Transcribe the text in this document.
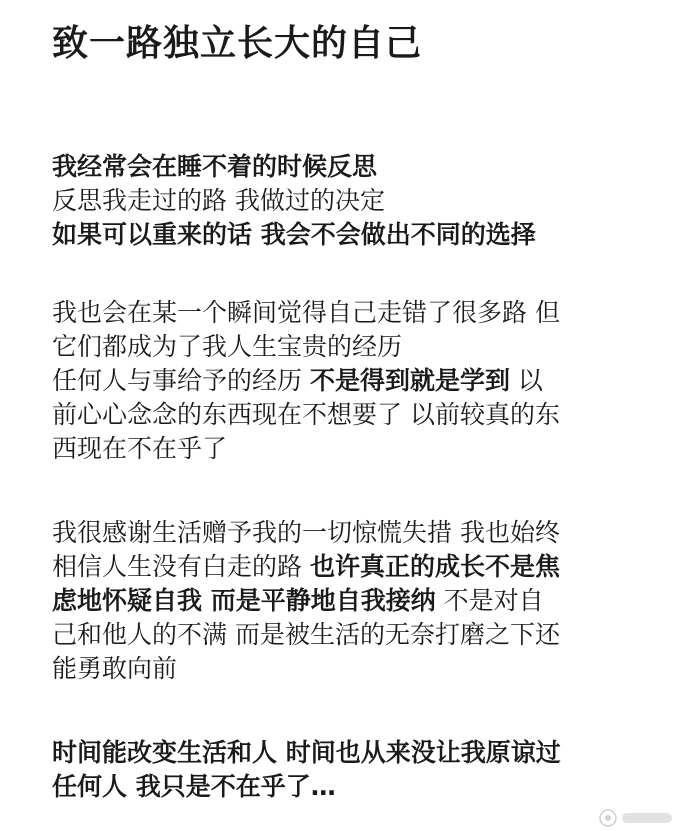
致一路独立长大的自己
我经常会在睡不着的时候反思
反思我走过的路 我做过的决定
如果可以重来的话 我会不会做出不同的选择
我也会在某一个瞬间觉得自己走错了很多路 但
它们都成为了我人生宝贵的经历
任何人与事给予的经历 不是得到就是学到 以
前心心念念的东西现在不想要了 以前较真的东
西现在不在乎了
我很感谢生活赠予我的一切惊慌失措 我也始终
相信人生没有白走的路 也许真正的成长不是焦
虑地怀疑自我 而是平静地自我接纳 不是对自
己和他人的不满 而是被生活的无奈打磨之下还
能勇敢向前
时间能改变生活和人 时间也从来没让我原谅过
任何人 我只是不在乎了…
